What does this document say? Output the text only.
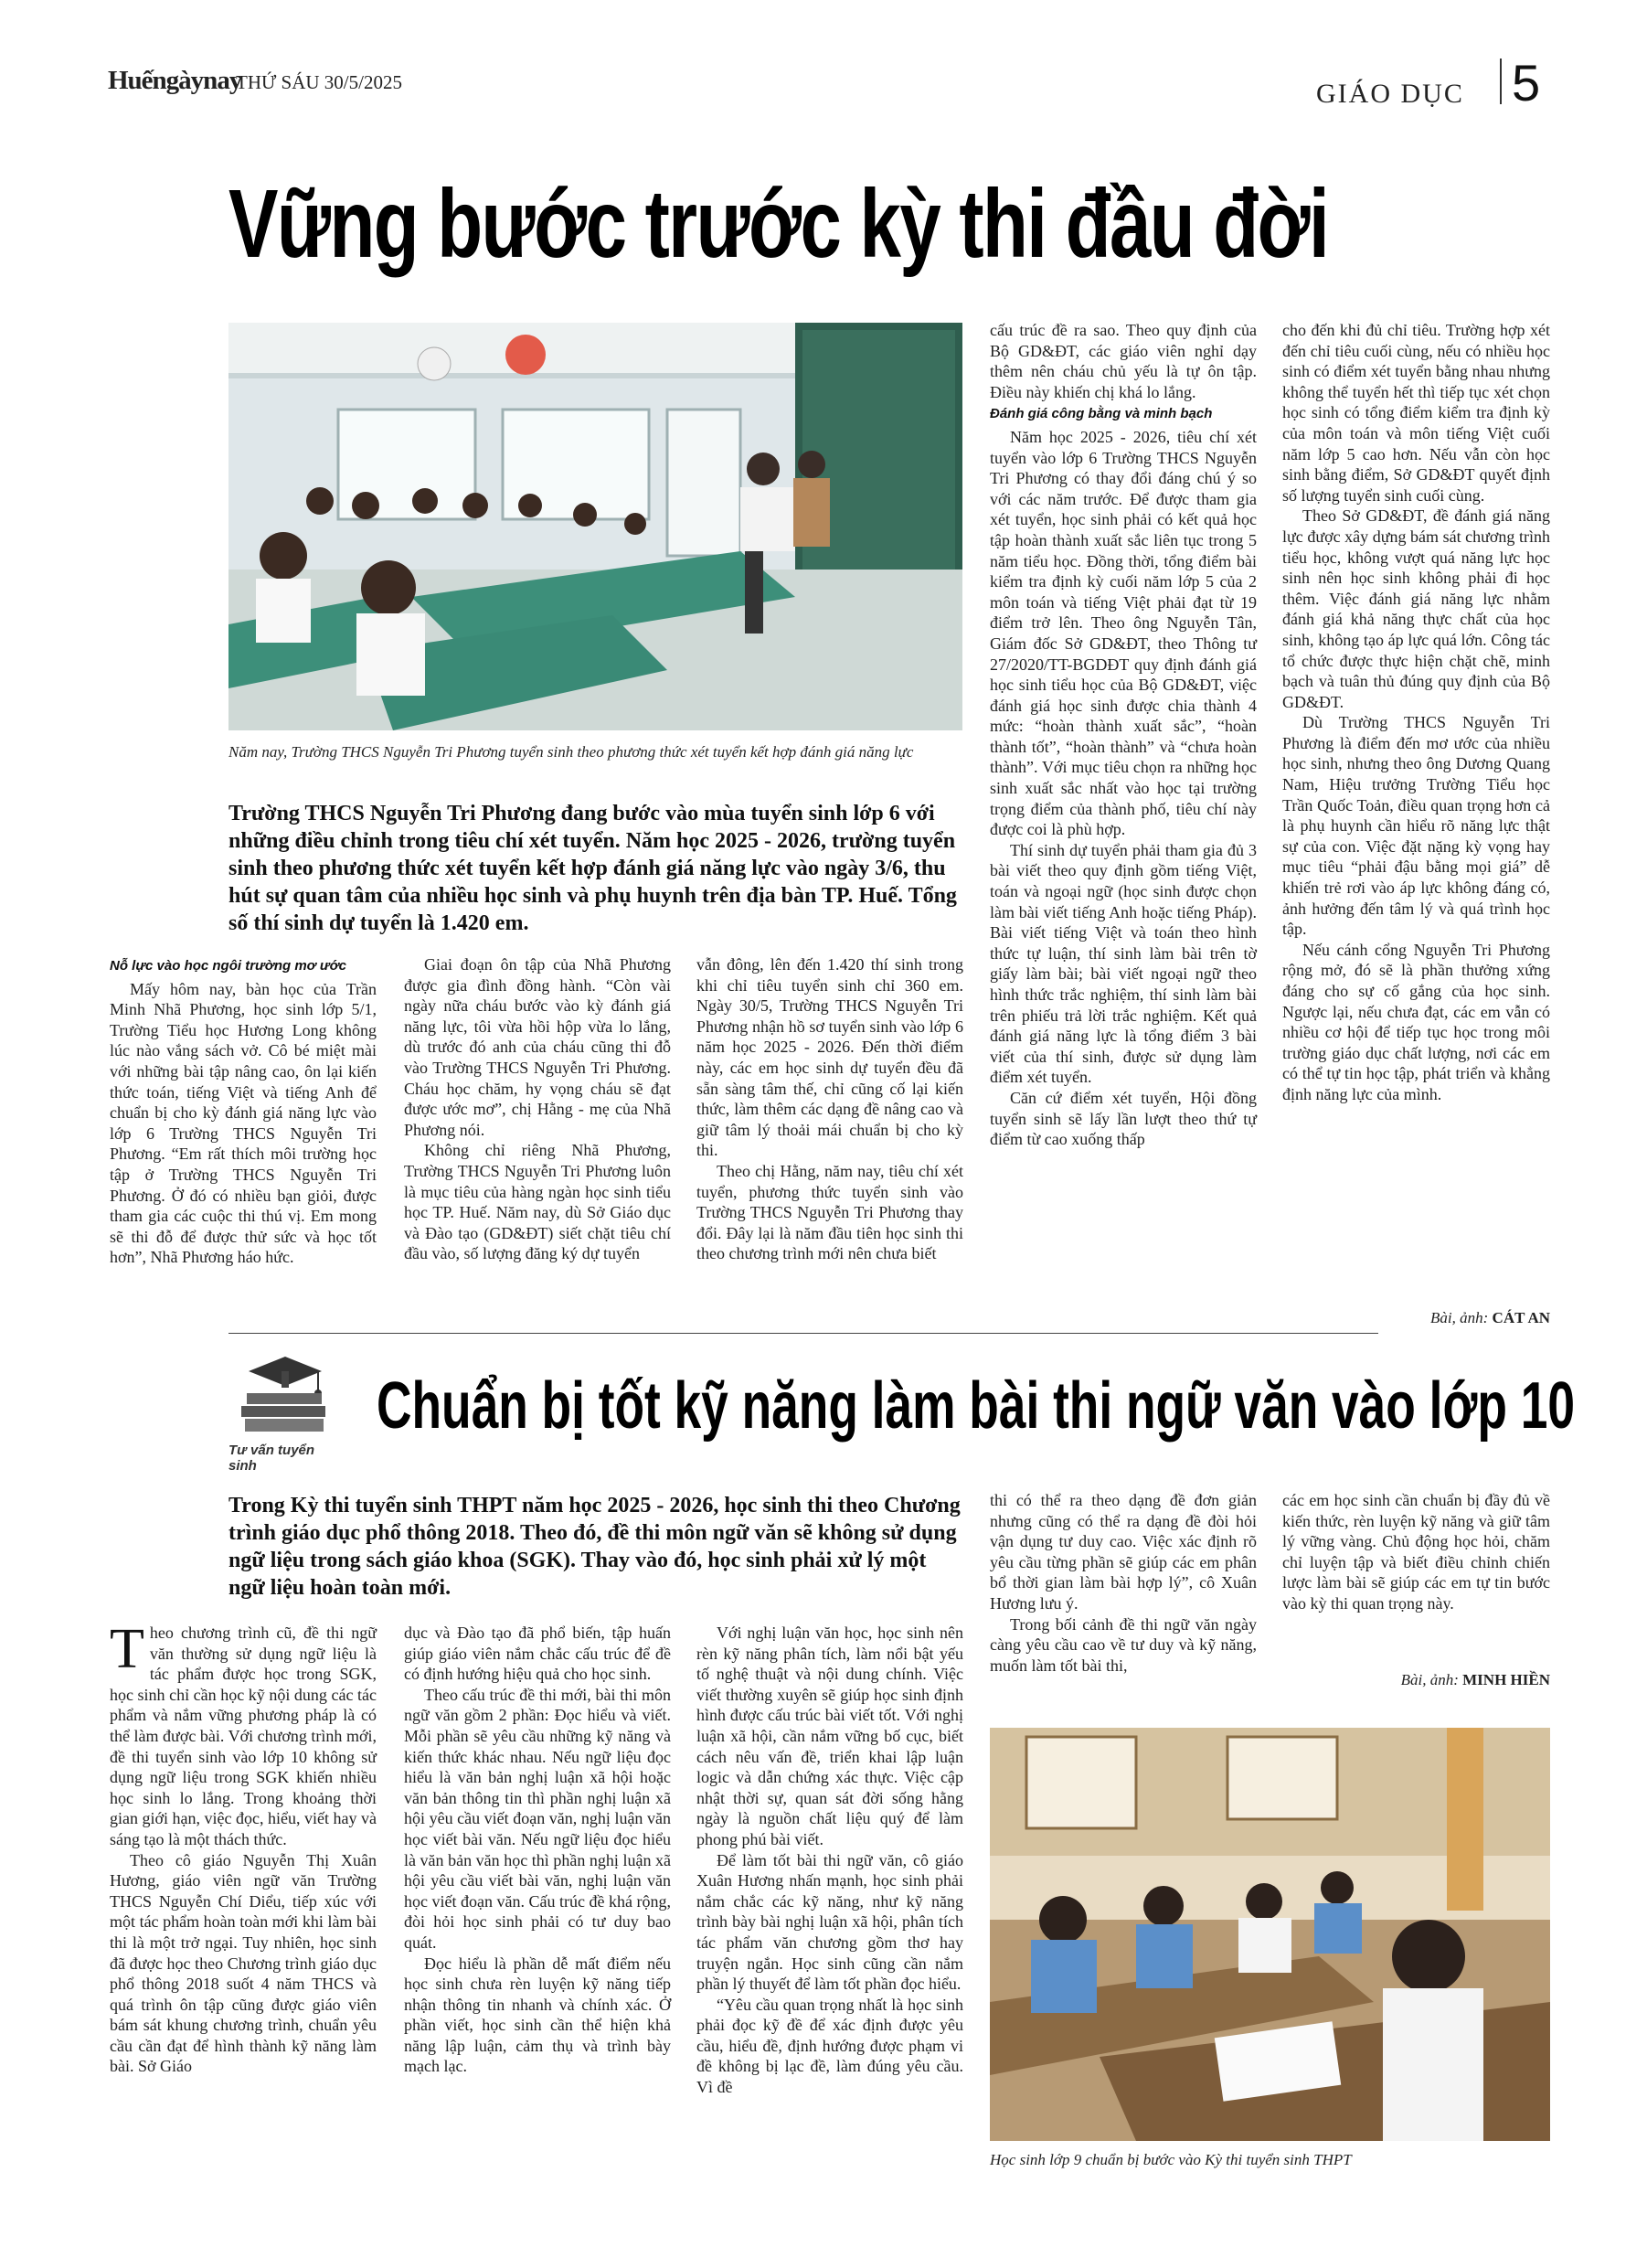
Huếngàynay
THỨ SÁU 30/5/2025	GIÁO DỤC 5
Vững bước trước kỳ thi đầu đời
Năm nay, Trường THCS Nguyễn Tri Phương tuyển sinh theo phương thức xét tuyển kết hợp đánh giá năng lực
Trường THCS Nguyễn Tri Phương đang bước vào mùa tuyển sinh lớp 6 với những điều chỉnh trong tiêu chí xét tuyển. Năm học 2025 - 2026, trường tuyển sinh theo phương thức xét tuyển kết hợp đánh giá năng lực vào ngày 3/6, thu hút sự quan tâm của nhiều học sinh và phụ huynh trên địa bàn TP. Huế. Tổng số thí sinh dự tuyển là 1.420 em.
Nỗ lực vào học ngôi trường mơ ước

Mấy hôm nay, bàn học của Trần Minh Nhã Phương, học sinh lớp 5/1, Trường Tiểu học Hương Long không lúc nào vắng sách vở. Cô bé miệt mài với những bài tập nâng cao, ôn lại kiến thức toán, tiếng Việt và tiếng Anh để chuẩn bị cho kỳ đánh giá năng lực vào lớp 6 Trường THCS Nguyễn Tri Phương. “Em rất thích môi trường học tập ở Trường THCS Nguyễn Tri Phương. Ở đó có nhiều bạn giỏi, được tham gia các cuộc thi thú vị. Em mong sẽ thi đỗ để được thử sức và học tốt hơn”, Nhã Phương háo hức.

Giai đoạn ôn tập của Nhã Phương được gia đình đồng hành. “Còn vài ngày nữa cháu bước vào kỳ đánh giá năng lực, tôi vừa hồi hộp vừa lo lắng, dù trước đó anh của cháu cũng thi đỗ vào Trường THCS Nguyễn Tri Phương. Cháu học chăm, hy vọng cháu sẽ đạt được ước mơ”, chị Hằng - mẹ của Nhã Phương nói.

Không chỉ riêng Nhã Phương, Trường THCS Nguyễn Tri Phương luôn là mục tiêu của hàng ngàn học sinh tiểu học TP. Huế. Năm nay, dù Sở Giáo dục và Đào tạo (GD&ĐT) siết chặt tiêu chí đầu vào, số lượng đăng ký dự tuyển

vẫn đông, lên đến 1.420 thí sinh trong khi chỉ tiêu tuyển sinh chỉ 360 em. Ngày 30/5, Trường THCS Nguyễn Tri Phương nhận hồ sơ tuyển sinh vào lớp 6 năm học 2025 - 2026. Đến thời điểm này, các em học sinh dự tuyển đều đã sẵn sàng tâm thế, chỉ cũng cố lại kiến thức, làm thêm các dạng đề nâng cao và giữ tâm lý thoải mái chuẩn bị cho kỳ thi.

Theo chị Hằng, năm nay, tiêu chí xét tuyển, phương thức tuyển sinh vào Trường THCS Nguyễn Tri Phương thay đổi. Đây lại là năm đầu tiên học sinh thi theo chương trình mới nên chưa biết

cấu trúc đề ra sao. Theo quy định của Bộ GD&ĐT, các giáo viên nghỉ dạy thêm nên cháu chủ yếu là tự ôn tập. Điều này khiến chị khá lo lắng.

Đánh giá công bằng và minh bạch

Năm học 2025 - 2026, tiêu chí xét tuyển vào lớp 6 Trường THCS Nguyễn Tri Phương có thay đổi đáng chú ý so với các năm trước. Để được tham gia xét tuyển, học sinh phải có kết quả học tập hoàn thành xuất sắc liên tục trong 5 năm tiểu học. Đồng thời, tổng điểm bài kiểm tra định kỳ cuối năm lớp 5 của 2 môn toán và tiếng Việt phải đạt từ 19 điểm trở lên. Theo ông Nguyễn Tân, Giám đốc Sở GD&ĐT, theo Thông tư 27/2020/TT-BGDĐT quy định đánh giá học sinh tiểu học của Bộ GD&ĐT, việc đánh giá học sinh được chia thành 4 mức: “hoàn thành xuất sắc”, “hoàn thành tốt”, “hoàn thành” và “chưa hoàn thành”. Với mục tiêu chọn ra những học sinh xuất sắc nhất vào học tại trường trọng điểm của thành phố, tiêu chí này được coi là phù hợp.

Thí sinh dự tuyển phải tham gia đủ 3 bài viết theo quy định gồm tiếng Việt, toán và ngoại ngữ (học sinh được chọn làm bài viết tiếng Anh hoặc tiếng Pháp). Bài viết tiếng Việt và toán theo hình thức tự luận, thí sinh làm bài trên tờ giấy làm bài; bài viết ngoại ngữ theo hình thức trắc nghiệm, thí sinh làm bài trên phiếu trả lời trắc nghiệm. Kết quả đánh giá năng lực là tổng điểm 3 bài viết của thí sinh, được sử dụng làm điểm xét tuyển.

Căn cứ điểm xét tuyển, Hội đồng tuyển sinh sẽ lấy lần lượt theo thứ tự điểm từ cao xuống thấp

cho đến khi đủ chỉ tiêu. Trường hợp xét đến chỉ tiêu cuối cùng, nếu có nhiều học sinh có điểm xét tuyển bằng nhau nhưng không thể tuyển hết thì tiếp tục xét chọn học sinh có tổng điểm kiểm tra định kỳ của môn toán và môn tiếng Việt cuối năm lớp 5 cao hơn. Nếu vẫn còn học sinh bằng điểm, Sở GD&ĐT quyết định số lượng tuyển sinh cuối cùng.

Theo Sở GD&ĐT, đề đánh giá năng lực được xây dựng bám sát chương trình tiểu học, không vượt quá năng lực học sinh nên học sinh không phải đi học thêm. Việc đánh giá năng lực nhằm đánh giá khả năng thực chất của học sinh, không tạo áp lực quá lớn. Công tác tổ chức được thực hiện chặt chẽ, minh bạch và tuân thủ đúng quy định của Bộ GD&ĐT.

Dù Trường THCS Nguyễn Tri Phương là điểm đến mơ ước của nhiều học sinh, nhưng theo ông Dương Quang Nam, Hiệu trưởng Trường Tiểu học Trần Quốc Toản, điều quan trọng hơn cả là phụ huynh cần hiểu rõ năng lực thật sự của con. Việc đặt nặng kỳ vọng hay mục tiêu “phải đậu bằng mọi giá” dễ khiến trẻ rơi vào áp lực không đáng có, ảnh hưởng đến tâm lý và quá trình học tập.

Nếu cánh cổng Nguyễn Tri Phương rộng mở, đó sẽ là phần thưởng xứng đáng cho sự cố gắng của học sinh. Ngược lại, nếu chưa đạt, các em vẫn có nhiều cơ hội để tiếp tục học trong môi trường giáo dục chất lượng, nơi các em có thể tự tin học tập, phát triển và khẳng định năng lực của mình.

Bài, ảnh: CÁT AN
Tư vấn tuyển sinh
Chuẩn bị tốt kỹ năng làm bài thi ngữ văn vào lớp 10
Trong Kỳ thi tuyển sinh THPT năm học 2025 - 2026, học sinh thi theo Chương trình giáo dục phổ thông 2018. Theo đó, đề thi môn ngữ văn sẽ không sử dụng ngữ liệu trong sách giáo khoa (SGK). Thay vào đó, học sinh phải xử lý một ngữ liệu hoàn toàn mới.

Theo chương trình cũ, đề thi ngữ văn thường sử dụng ngữ liệu là tác phẩm được học trong SGK, học sinh chỉ cần học kỹ nội dung các tác phẩm và nắm vững phương pháp là có thể làm được bài. Với chương trình mới, đề thi tuyển sinh vào lớp 10 không sử dụng ngữ liệu trong SGK khiến nhiều học sinh lo lắng. Trong khoảng thời gian giới hạn, việc đọc, hiểu, viết hay và sáng tạo là một thách thức.

Theo cô giáo Nguyễn Thị Xuân Hương, giáo viên ngữ văn Trường THCS Nguyễn Chí Diểu, tiếp xúc với một tác phẩm hoàn toàn mới khi làm bài thi là một trở ngại. Tuy nhiên, học sinh đã được học theo Chương trình giáo dục phổ thông 2018 suốt 4 năm THCS và quá trình ôn tập cũng được giáo viên bám sát khung chương trình, chuẩn yêu cầu cần đạt để hình thành kỹ năng làm bài. Sở Giáo

dục và Đào tạo đã phổ biến, tập huấn giúp giáo viên nắm chắc cấu trúc để đề có định hướng hiệu quả cho học sinh.

Theo cấu trúc đề thi mới, bài thi môn ngữ văn gồm 2 phần: Đọc hiểu và viết. Mỗi phần sẽ yêu cầu những kỹ năng và kiến thức khác nhau. Nếu ngữ liệu đọc hiểu là văn bản nghị luận xã hội hoặc văn bản thông tin thì phần nghị luận xã hội yêu cầu viết đoạn văn, nghị luận văn học viết bài văn. Nếu ngữ liệu đọc hiểu là văn bản văn học thì phần nghị luận xã hội yêu cầu viết bài văn, nghị luận văn học viết đoạn văn. Cấu trúc đề khá rộng, đòi hỏi học sinh phải có tư duy bao quát.

Đọc hiểu là phần dễ mất điểm nếu học sinh chưa rèn luyện kỹ năng tiếp nhận thông tin nhanh và chính xác. Ở phần viết, học sinh cần thể hiện khả năng lập luận, cảm thụ và trình bày mạch lạc.

Với nghị luận văn học, học sinh nên rèn kỹ năng phân tích, làm nổi bật yếu tố nghệ thuật và nội dung chính. Việc viết thường xuyên sẽ giúp học sinh định hình được cấu trúc bài viết tốt. Với nghị luận xã hội, cần nắm vững bố cục, biết cách nêu vấn đề, triển khai lập luận logic và dẫn chứng xác thực. Việc cập nhật thời sự, quan sát đời sống hằng ngày là nguồn chất liệu quý để làm phong phú bài viết.

Để làm tốt bài thi ngữ văn, cô giáo Xuân Hương nhấn mạnh, học sinh phải nắm chắc các kỹ năng, như kỹ năng trình bày bài nghị luận xã hội, phân tích tác phẩm văn chương gồm thơ hay truyện ngắn. Học sinh cũng cần nắm phần lý thuyết để làm tốt phần đọc hiểu.

“Yêu cầu quan trọng nhất là học sinh phải đọc kỹ đề để xác định được yêu cầu, hiểu đề, định hướng được phạm vi đề không bị lạc đề, làm đúng yêu cầu. Vì đề

thi có thể ra theo dạng đề đơn giản nhưng cũng có thể ra dạng đề đòi hỏi vận dụng tư duy cao. Việc xác định rõ yêu cầu từng phần sẽ giúp các em phân bổ thời gian làm bài hợp lý”, cô Xuân Hương lưu ý.

Trong bối cảnh đề thi ngữ văn ngày càng yêu cầu cao về tư duy và kỹ năng, muốn làm tốt bài thi,

các em học sinh cần chuẩn bị đầy đủ về kiến thức, rèn luyện kỹ năng và giữ tâm lý vững vàng. Chủ động học hỏi, chăm chỉ luyện tập và biết điều chỉnh chiến lược làm bài sẽ giúp các em tự tin bước vào kỳ thi quan trọng này.

Bài, ảnh: MINH HIỀN
Học sinh lớp 9 chuẩn bị bước vào Kỳ thi tuyển sinh THPT
